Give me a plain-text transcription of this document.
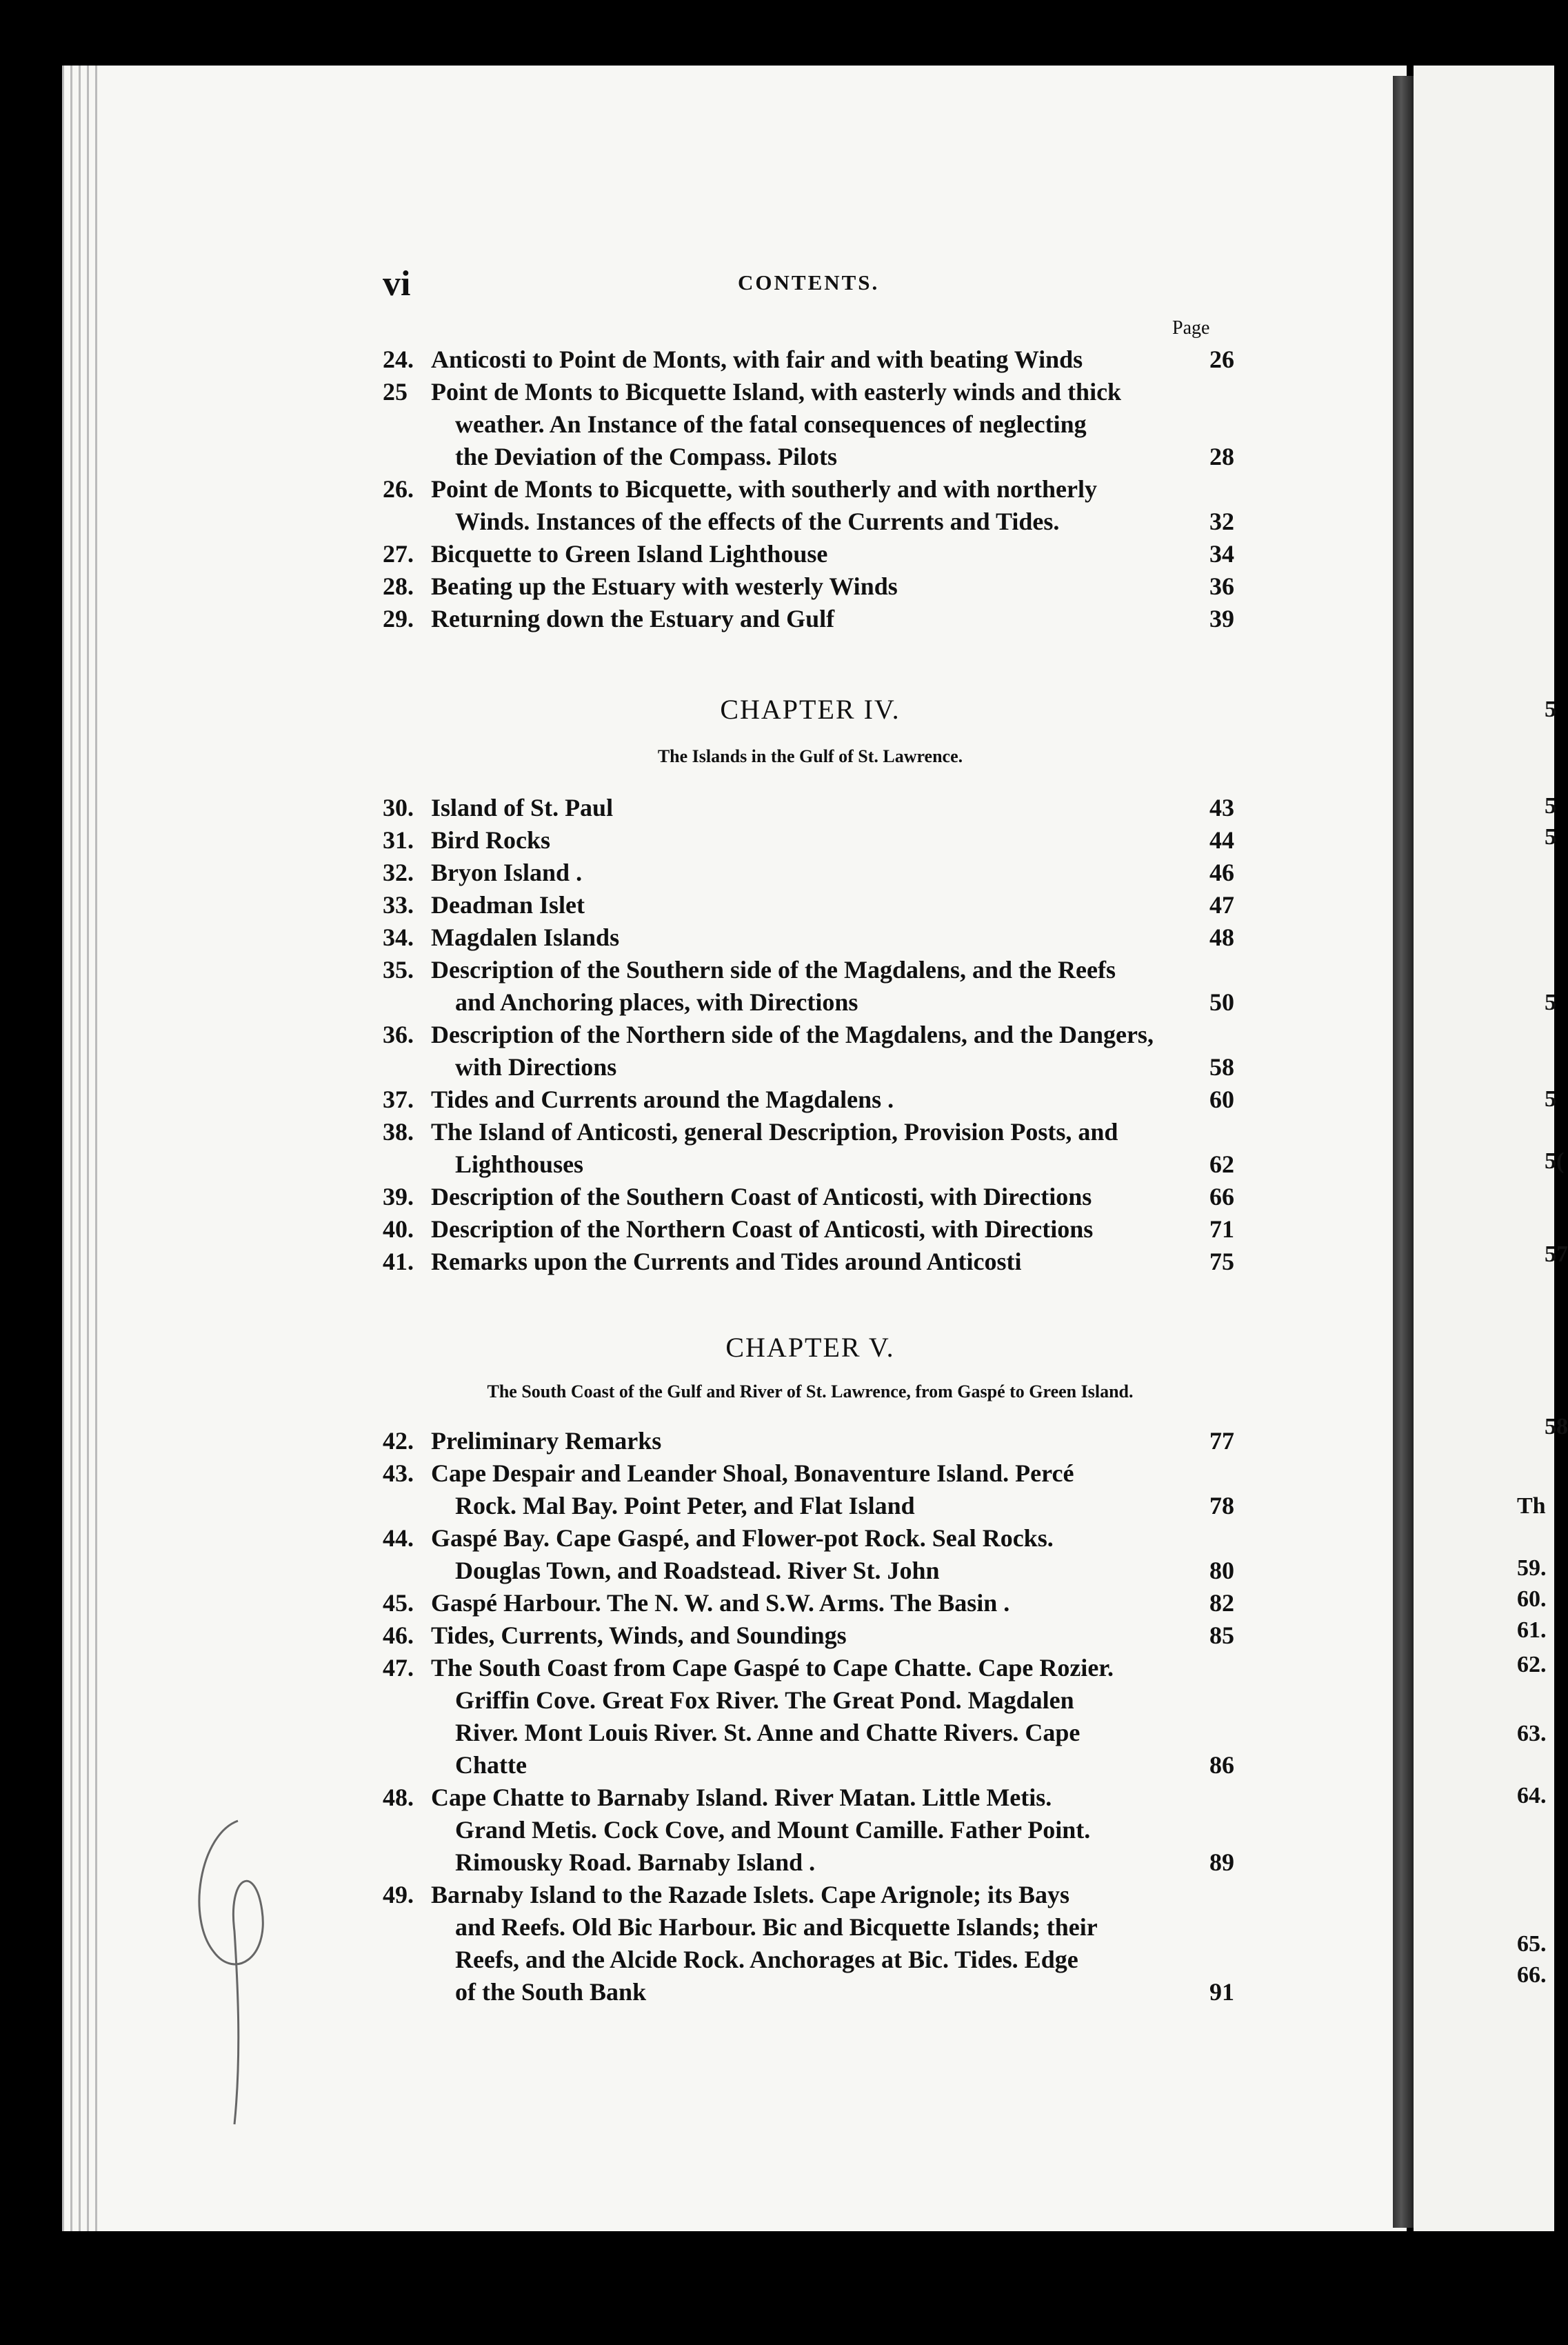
5
5
5
5
5
5(
57
58
Th
59.
60.
61.
62.
63.
64.
65.
66.
vi	CONTENTS.
Page
24. Anticosti to Point de Monts, with fair and with beating Winds	26
25 Point de Monts to Bicquette Island, with easterly winds and thick
weather. An Instance of the fatal consequences of neglecting
the Deviation of the Compass. Pilots	28
26. Point de Monts to Bicquette, with southerly and with northerly
Winds. Instances of the effects of the Currents and Tides.	32
27. Bicquette to Green Island Lighthouse	34
28. Beating up the Estuary with westerly Winds	36
29. Returning down the Estuary and Gulf	39
30. Island of St. Paul	43
31. Bird Rocks	44
32. Bryon Island .	46
33. Deadman Islet	47
34. Magdalen Islands	48
35. Description of the Southern side of the Magdalens, and the Reefs
and Anchoring places, with Directions	50
36. Description of the Northern side of the Magdalens, and the Dangers,
with Directions	58
37. Tides and Currents around the Magdalens .	60
38. The Island of Anticosti, general Description, Provision Posts, and
Lighthouses	62
39. Description of the Southern Coast of Anticosti, with Directions	66
40. Description of the Northern Coast of Anticosti, with Directions	71
41. Remarks upon the Currents and Tides around Anticosti	75
42. Preliminary Remarks	77
43. Cape Despair and Leander Shoal, Bonaventure Island. Percé
Rock. Mal Bay. Point Peter, and Flat Island	78
44. Gaspé Bay. Cape Gaspé, and Flower-pot Rock. Seal Rocks.
Douglas Town, and Roadstead. River St. John	80
45. Gaspé Harbour. The N. W. and S.W. Arms. The Basin .	82
46. Tides, Currents, Winds, and Soundings	85
47. The South Coast from Cape Gaspé to Cape Chatte. Cape Rozier.
Griffin Cove. Great Fox River. The Great Pond. Magdalen
River. Mont Louis River. St. Anne and Chatte Rivers. Cape
Chatte	86
48. Cape Chatte to Barnaby Island. River Matan. Little Metis.
Grand Metis. Cock Cove, and Mount Camille. Father Point.
Rimousky Road. Barnaby Island .	89
49. Barnaby Island to the Razade Islets. Cape Arignole; its Bays
and Reefs. Old Bic Harbour. Bic and Bicquette Islands; their
Reefs, and the Alcide Rock. Anchorages at Bic. Tides. Edge
of the South Bank	91
CHAPTER IV.
The Islands in the Gulf of St. Lawrence.
CHAPTER V.
The South Coast of the Gulf and River of St. Lawrence, from Gaspé to Green Island.
